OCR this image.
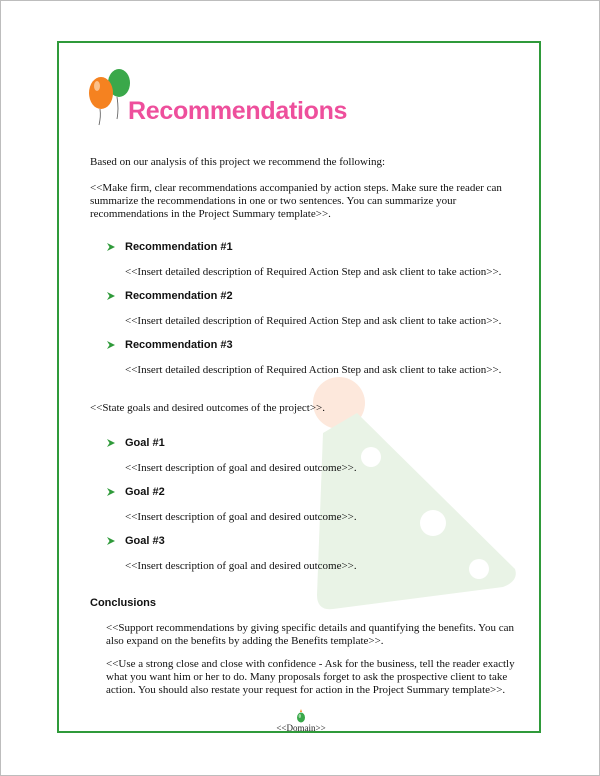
Recommendations
Based on our analysis of this project we recommend the following:
<<Make firm, clear recommendations accompanied by action steps. Make sure the reader can summarize the recommendations in one or two sentences. You can summarize your recommendations in the Project Summary template>>.
Recommendation #1
<<Insert detailed description of Required Action Step and ask client to take action>>.
Recommendation #2
<<Insert detailed description of Required Action Step and ask client to take action>>.
Recommendation #3
<<Insert detailed description of Required Action Step and ask client to take action>>.
<<State goals and desired outcomes of the project>>.
Goal #1
<<Insert description of goal and desired outcome>>.
Goal #2
<<Insert description of goal and desired outcome>>.
Goal #3
<<Insert description of goal and desired outcome>>.
Conclusions
<<Support recommendations by giving specific details and quantifying the benefits. You can also expand on the benefits by adding the Benefits template>>.
<<Use a strong close and close with confidence - Ask for the business, tell the reader exactly what you want him or her to do. Many proposals forget to ask the prospective client to take action. You should also restate your request for action in the Project Summary template>>.
<<Domain>>
